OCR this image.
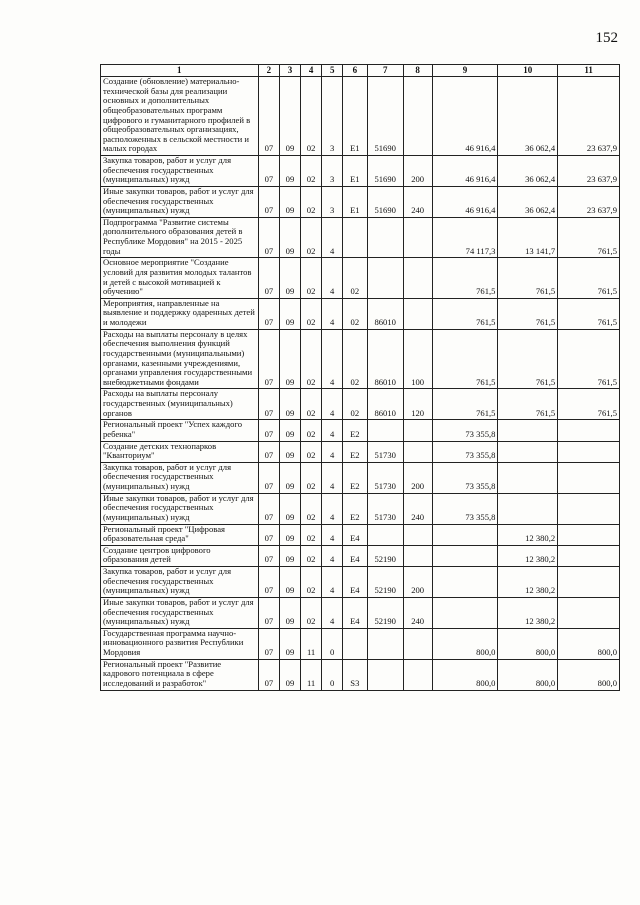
152
1	2	3	4	5	6	7	8	9	10	11
Создание (обновление) материально-технической базы для реализации основных и дополнительных общеобразовательных программ цифрового и гуманитарного профилей в общеобразовательных организациях, расположенных в сельской местности и малых городах	07	09	02	3	E1	51690		46 916,4	36 062,4	23 637,9
Закупка товаров, работ и услуг для обеспечения государственных (муниципальных) нужд	07	09	02	3	E1	51690	200	46 916,4	36 062,4	23 637,9
Иные закупки товаров, работ и услуг для обеспечения государственных (муниципальных) нужд	07	09	02	3	E1	51690	240	46 916,4	36 062,4	23 637,9
Подпрограмма "Развитие системы дополнительного образования детей в Республике Мордовия" на 2015 - 2025 годы	07	09	02	4				74 117,3	13 141,7	761,5
Основное мероприятие "Создание условий для развития молодых талантов и детей с высокой мотивацией к обучению"	07	09	02	4	02			761,5	761,5	761,5
Мероприятия, направленные на выявление и поддержку одаренных детей и молодежи	07	09	02	4	02	86010		761,5	761,5	761,5
Расходы на выплаты персоналу в целях обеспечения выполнения функций государственными (муниципальными) органами, казенными учреждениями, органами управления государственными внебюджетными фондами	07	09	02	4	02	86010	100	761,5	761,5	761,5
Расходы на выплаты персоналу государственных (муниципальных) органов	07	09	02	4	02	86010	120	761,5	761,5	761,5
Региональный проект "Успех каждого ребенка"	07	09	02	4	E2			73 355,8		
Создание детских технопарков "Кванториум"	07	09	02	4	E2	51730		73 355,8		
Закупка товаров, работ и услуг для обеспечения государственных (муниципальных) нужд	07	09	02	4	E2	51730	200	73 355,8		
Иные закупки товаров, работ и услуг для обеспечения государственных (муниципальных) нужд	07	09	02	4	E2	51730	240	73 355,8		
Региональный проект "Цифровая образовательная среда"	07	09	02	4	E4				12 380,2	
Создание центров цифрового образования детей	07	09	02	4	E4	52190			12 380,2	
Закупка товаров, работ и услуг для обеспечения государственных (муниципальных) нужд	07	09	02	4	E4	52190	200		12 380,2	
Иные закупки товаров, работ и услуг для обеспечения государственных (муниципальных) нужд	07	09	02	4	E4	52190	240		12 380,2	
Государственная программа научно-инновационного развития Республики Мордовия	07	09	11	0				800,0	800,0	800,0
Региональный проект "Развитие кадрового потенциала в сфере исследований и разработок"	07	09	11	0	S3			800,0	800,0	800,0
